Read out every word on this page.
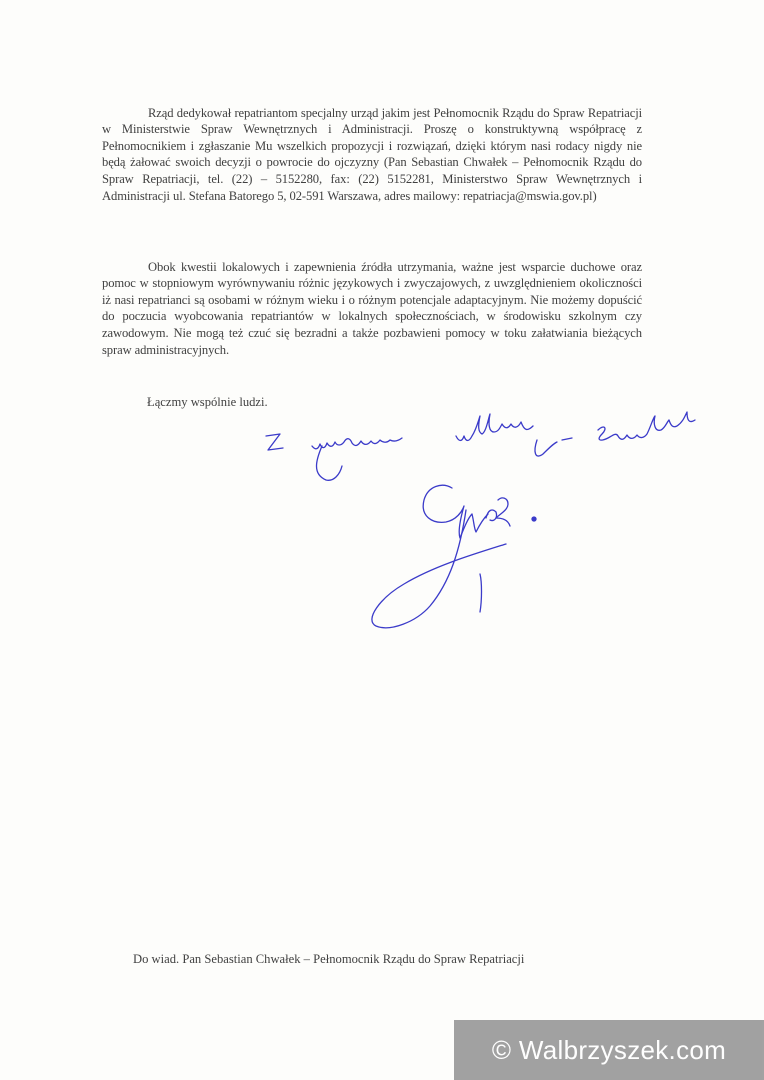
Rząd dedykował repatriantom specjalny urząd jakim jest Pełnomocnik Rządu do Spraw Repatriacji w Ministerstwie Spraw Wewnętrznych i Administracji. Proszę o konstruktywną współpracę z Pełnomocnikiem i zgłaszanie Mu wszelkich propozycji i rozwiązań, dzięki którym nasi rodacy nigdy nie będą żałować swoich decyzji o powrocie do ojczyzny (Pan Sebastian Chwałek – Pełnomocnik Rządu do Spraw Repatriacji, tel. (22) – 5152280, fax: (22) 5152281, Ministerstwo Spraw Wewnętrznych i Administracji ul. Stefana Batorego 5, 02-591 Warszawa, adres mailowy: repatriacja@mswia.gov.pl)

Obok kwestii lokalowych i zapewnienia źródła utrzymania, ważne jest wsparcie duchowe oraz pomoc w stopniowym wyrównywaniu różnic językowych i zwyczajowych, z uwzględnieniem okoliczności iż nasi repatrianci są osobami w różnym wieku i o różnym potencjale adaptacyjnym. Nie możemy dopuścić do poczucia wyobcowania repatriantów w lokalnych społecznościach, w środowisku szkolnym czy zawodowym. Nie mogą też czuć się bezradni a także pozbawieni pomocy w toku załatwiania bieżących spraw administracyjnych.

Łączmy wspólnie ludzi.
Do wiad. Pan Sebastian Chwałek – Pełnomocnik Rządu do Spraw Repatriacji
© Walbrzyszek.com
